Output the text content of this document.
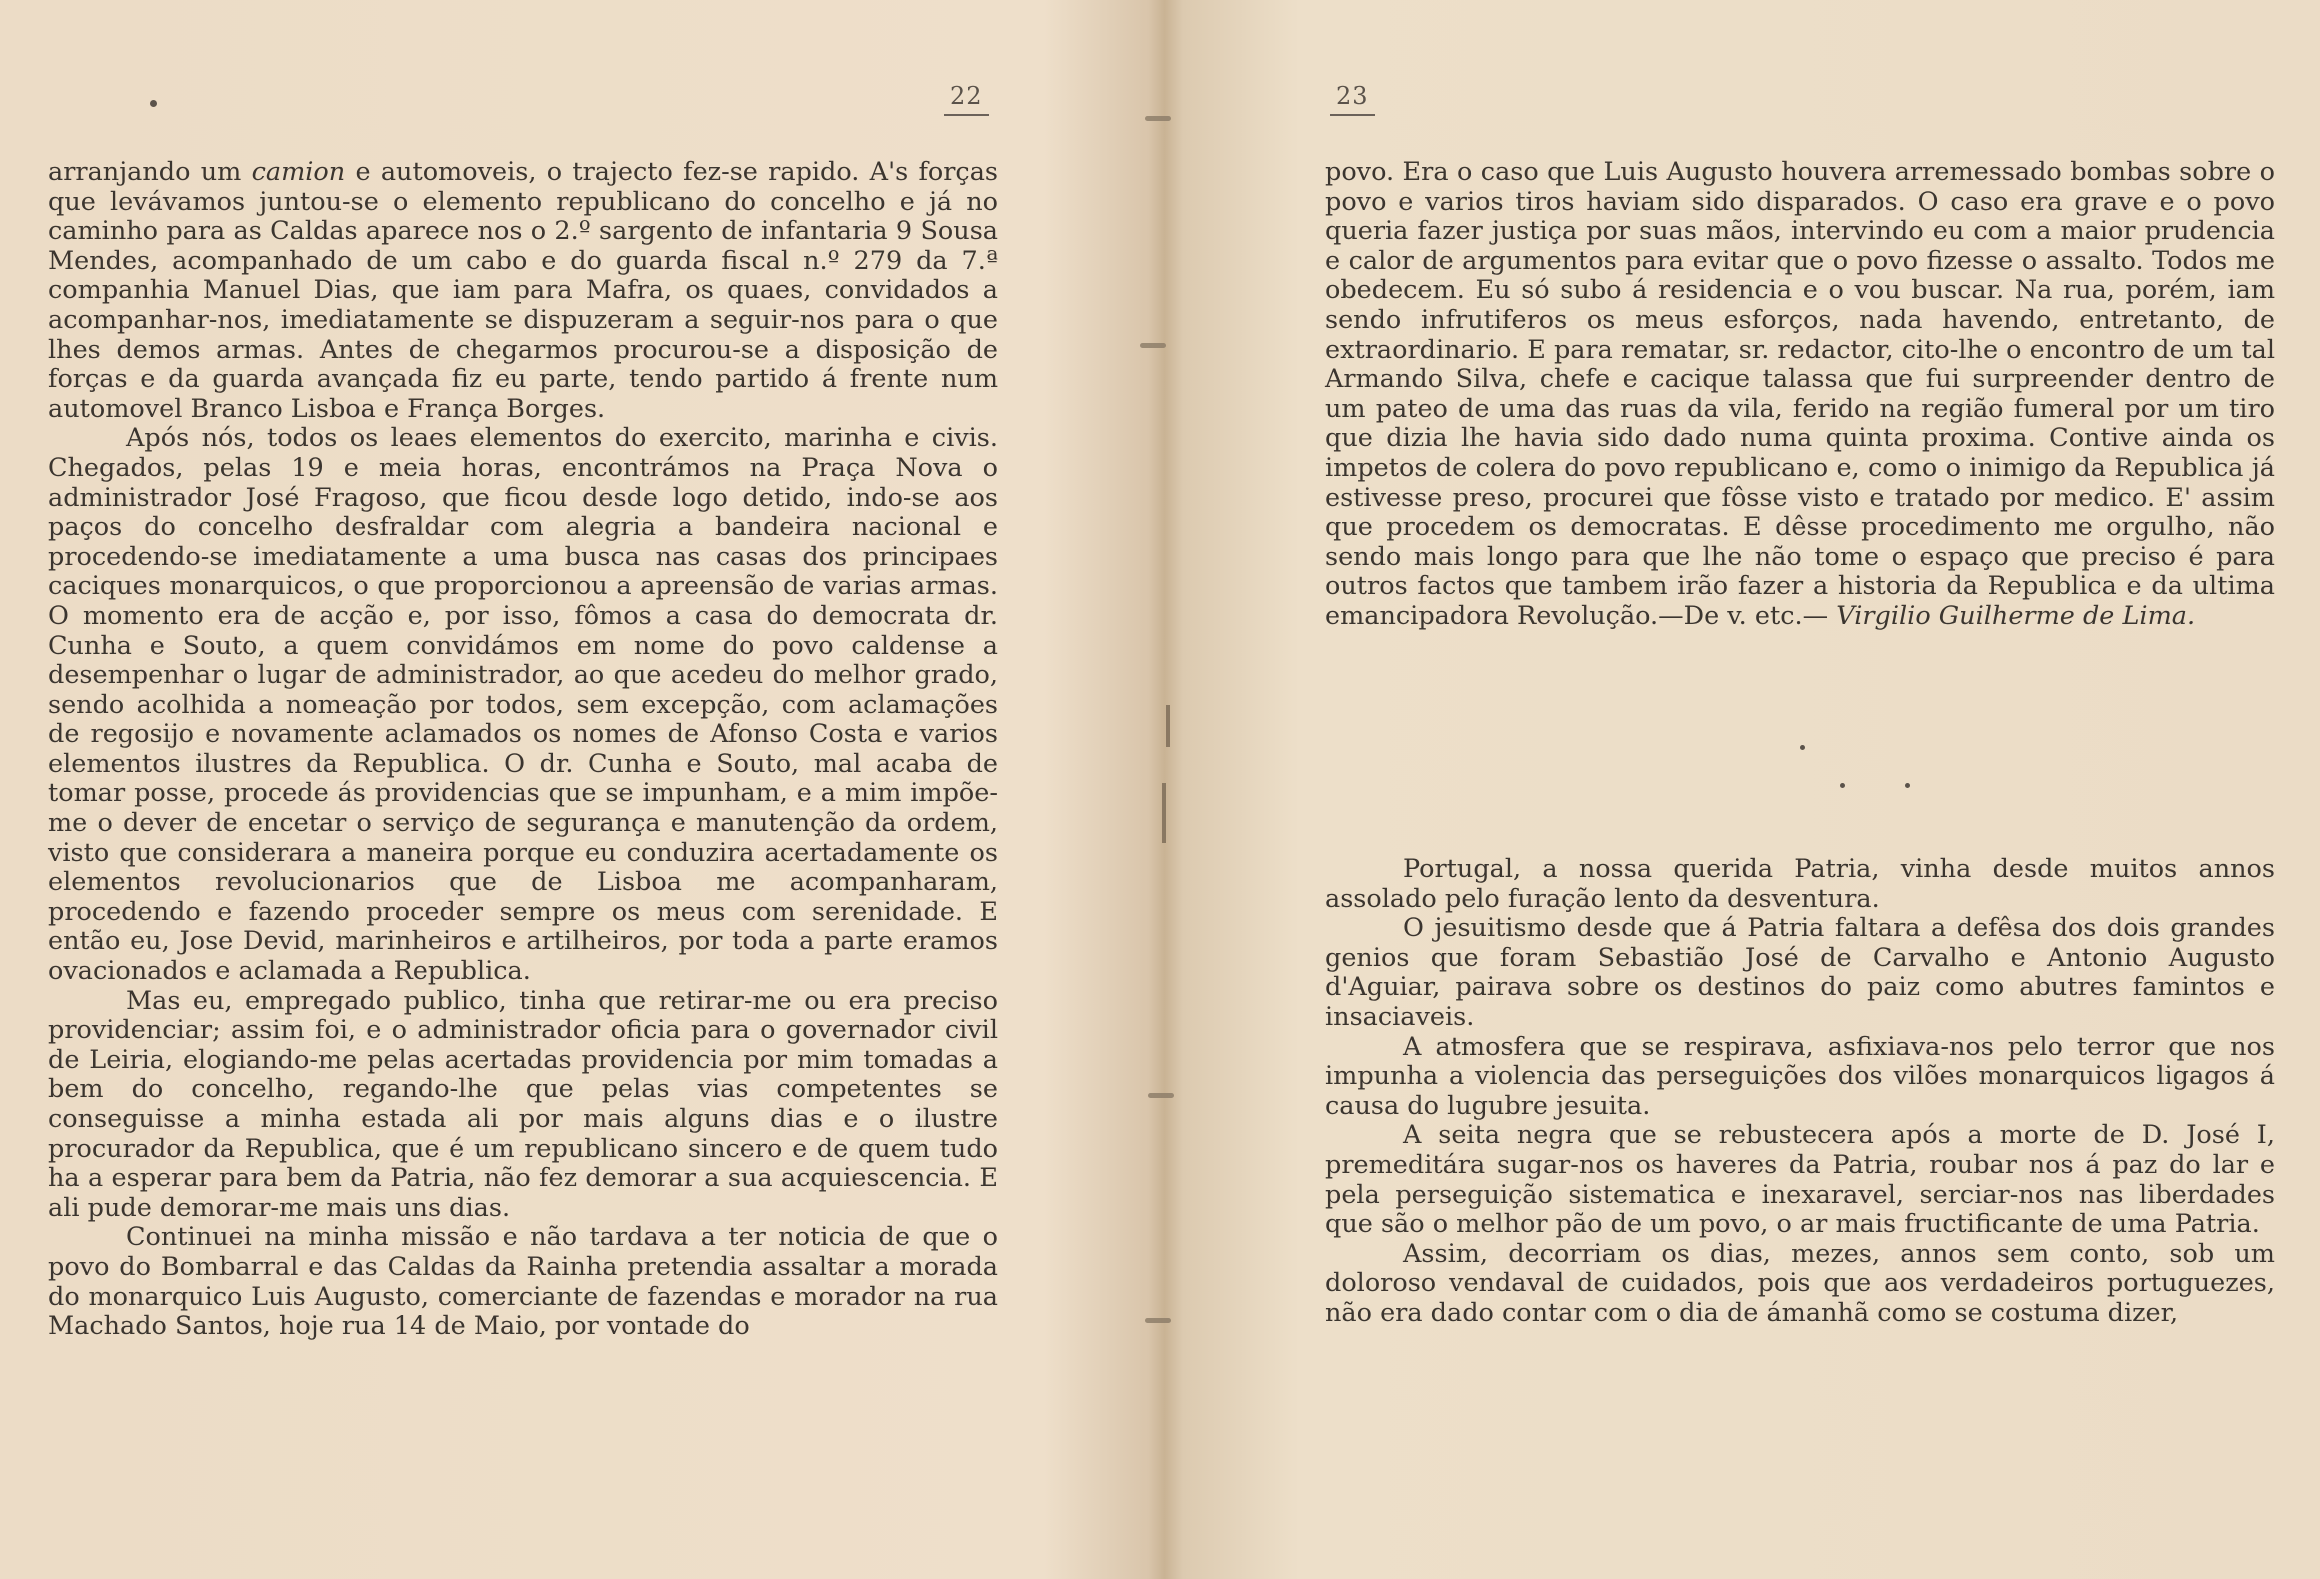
22

arranjando um camion e automoveis, o trajecto fez-se rapido. A's forças que levávamos juntou-se o elemento republicano do concelho e já no caminho para as Caldas aparece nos o 2.º sargento de infantaria 9 Sousa Mendes, acompanhado de um cabo e do guarda fiscal n.º 279 da 7.ª companhia Manuel Dias, que iam para Mafra, os quaes, convidados a acompanhar-nos, imediatamente se dispuzeram a seguir-nos para o que lhes demos armas. Antes de chegarmos procurou-se a disposição de forças e da guarda avançada fiz eu parte, tendo partido á frente num automovel Branco Lisboa e França Borges.

Após nós, todos os leaes elementos do exercito, marinha e civis. Chegados, pelas 19 e meia horas, encontrámos na Praça Nova o administrador José Fragoso, que ficou desde logo detido, indo-se aos paços do concelho desfraldar com alegria a bandeira nacional e procedendo-se imediatamente a uma busca nas casas dos principaes caciques monarquicos, o que proporcionou a apreensão de varias armas. O momento era de acção e, por isso, fômos a casa do democrata dr. Cunha e Souto, a quem convidámos em nome do povo caldense a desempenhar o lugar de administrador, ao que acedeu do melhor grado, sendo acolhida a nomeação por todos, sem excepção, com aclamações de regosijo e novamente aclamados os nomes de Afonso Costa e varios elementos ilustres da Republica. O dr. Cunha e Souto, mal acaba de tomar posse, procede ás providencias que se impunham, e a mim impõe-me o dever de encetar o serviço de segurança e manutenção da ordem, visto que considerara a maneira porque eu conduzira acertadamente os elementos revolucionarios que de Lisboa me acompanharam, procedendo e fazendo proceder sempre os meus com serenidade. E então eu, Jose Devid, marinheiros e artilheiros, por toda a parte eramos ovacionados e aclamada a Republica.

Mas eu, empregado publico, tinha que retirar-me ou era preciso providenciar; assim foi, e o administrador oficia para o governador civil de Leiria, elogiando-me pelas acertadas providencia por mim tomadas a bem do concelho, regando-lhe que pelas vias competentes se conseguisse a minha estada ali por mais alguns dias e o ilustre procurador da Republica, que é um republicano sincero e de quem tudo ha a esperar para bem da Patria, não fez demorar a sua acquiescencia. E ali pude demorar-me mais uns dias.

Continuei na minha missão e não tardava a ter noticia de que o povo do Bombarral e das Caldas da Rainha pretendia assaltar a morada do monarquico Luis Augusto, comerciante de fazendas e morador na rua Machado Santos, hoje rua 14 de Maio, por vontade do

23

povo. Era o caso que Luis Augusto houvera arremessado bombas sobre o povo e varios tiros haviam sido disparados. O caso era grave e o povo queria fazer justiça por suas mãos, intervindo eu com a maior prudencia e calor de argumentos para evitar que o povo fizesse o assalto. Todos me obedecem. Eu só subo á residencia e o vou buscar. Na rua, porém, iam sendo infrutiferos os meus esforços, nada havendo, entretanto, de extraordinario. E para rematar, sr. redactor, cito-lhe o encontro de um tal Armando Silva, chefe e cacique talassa que fui surpreender dentro de um pateo de uma das ruas da vila, ferido na região fumeral por um tiro que dizia lhe havia sido dado numa quinta proxima. Contive ainda os impetos de colera do povo republicano e, como o inimigo da Republica já estivesse preso, procurei que fôsse visto e tratado por medico. E' assim que procedem os democratas. E dêsse procedimento me orgulho, não sendo mais longo para que lhe não tome o espaço que preciso é para outros factos que tambem irão fazer a historia da Republica e da ultima emancipadora Revolução.—De v. etc.— Virgilio Guilherme de Lima.

Portugal, a nossa querida Patria, vinha desde muitos annos assolado pelo furação lento da desventura.

O jesuitismo desde que á Patria faltara a defêsa dos dois grandes genios que foram Sebastião José de Carvalho e Antonio Augusto d'Aguiar, pairava sobre os destinos do paiz como abutres famintos e insaciaveis.

A atmosfera que se respirava, asfixiava-nos pelo terror que nos impunha a violencia das perseguições dos vilões monarquicos ligagos á causa do lugubre jesuita.

A seita negra que se rebustecera após a morte de D. José I, premeditára sugar-nos os haveres da Patria, roubar nos á paz do lar e pela perseguição sistematica e inexaravel, serciar-nos nas liberdades que são o melhor pão de um povo, o ar mais fructificante de uma Patria.

Assim, decorriam os dias, mezes, annos sem conto, sob um doloroso vendaval de cuidados, pois que aos verdadeiros portuguezes, não era dado contar com o dia de ámanhã como se costuma dizer,
